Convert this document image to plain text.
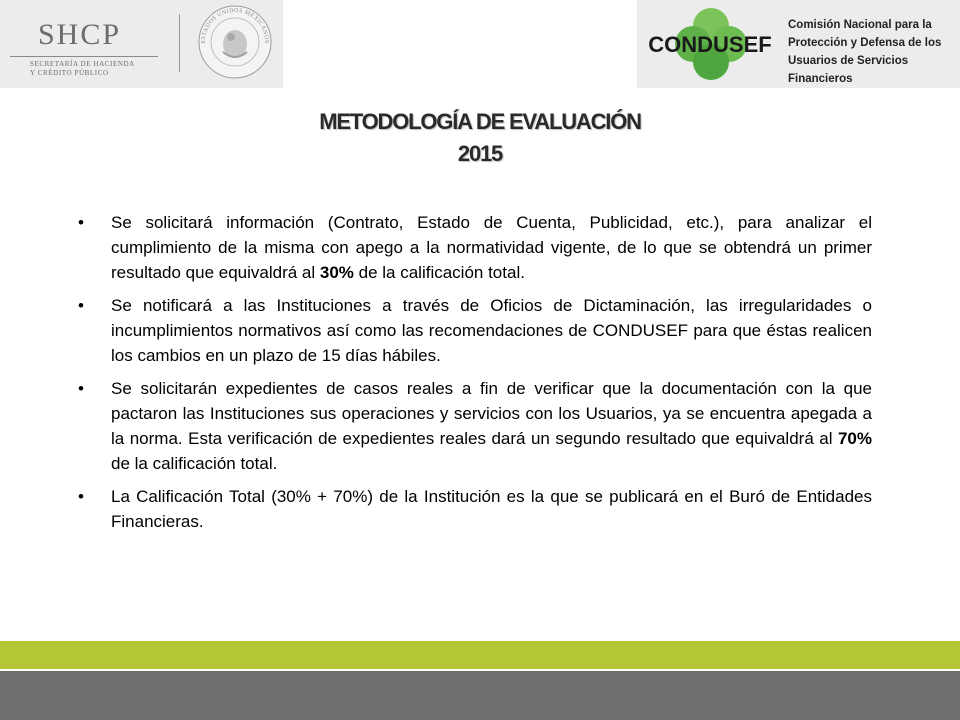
SHCP
SECRETARÍA DE HACIENDA
Y CRÉDITO PÚBLICO
ESTADOS UNIDOS MEXICANOS	CONDUSEF
Comisión Nacional para la
Protección y Defensa de los
Usuarios de Servicios Financieros
METODOLOGÍA DE EVALUACIÓN
2015
• Se solicitará información (Contrato, Estado de Cuenta, Publicidad, etc.), para analizar el cumplimiento de la misma con apego a la normatividad vigente, de lo que se obtendrá un primer resultado que equivaldrá al 30% de la calificación total.
• Se notificará a las Instituciones a través de Oficios de Dictaminación, las irregularidades o incumplimientos normativos así como las recomendaciones de CONDUSEF para que éstas realicen los cambios en un plazo de 15 días hábiles.
• Se solicitarán expedientes de casos reales a fin de verificar que la documentación con la que pactaron las Instituciones sus operaciones y servicios con los Usuarios, ya se encuentra apegada a la norma. Esta verificación de expedientes reales dará un segundo resultado que equivaldrá al 70% de la calificación total.
• La Calificación Total (30% + 70%) de la Institución es la que se publicará en el Buró de Entidades Financieras.
